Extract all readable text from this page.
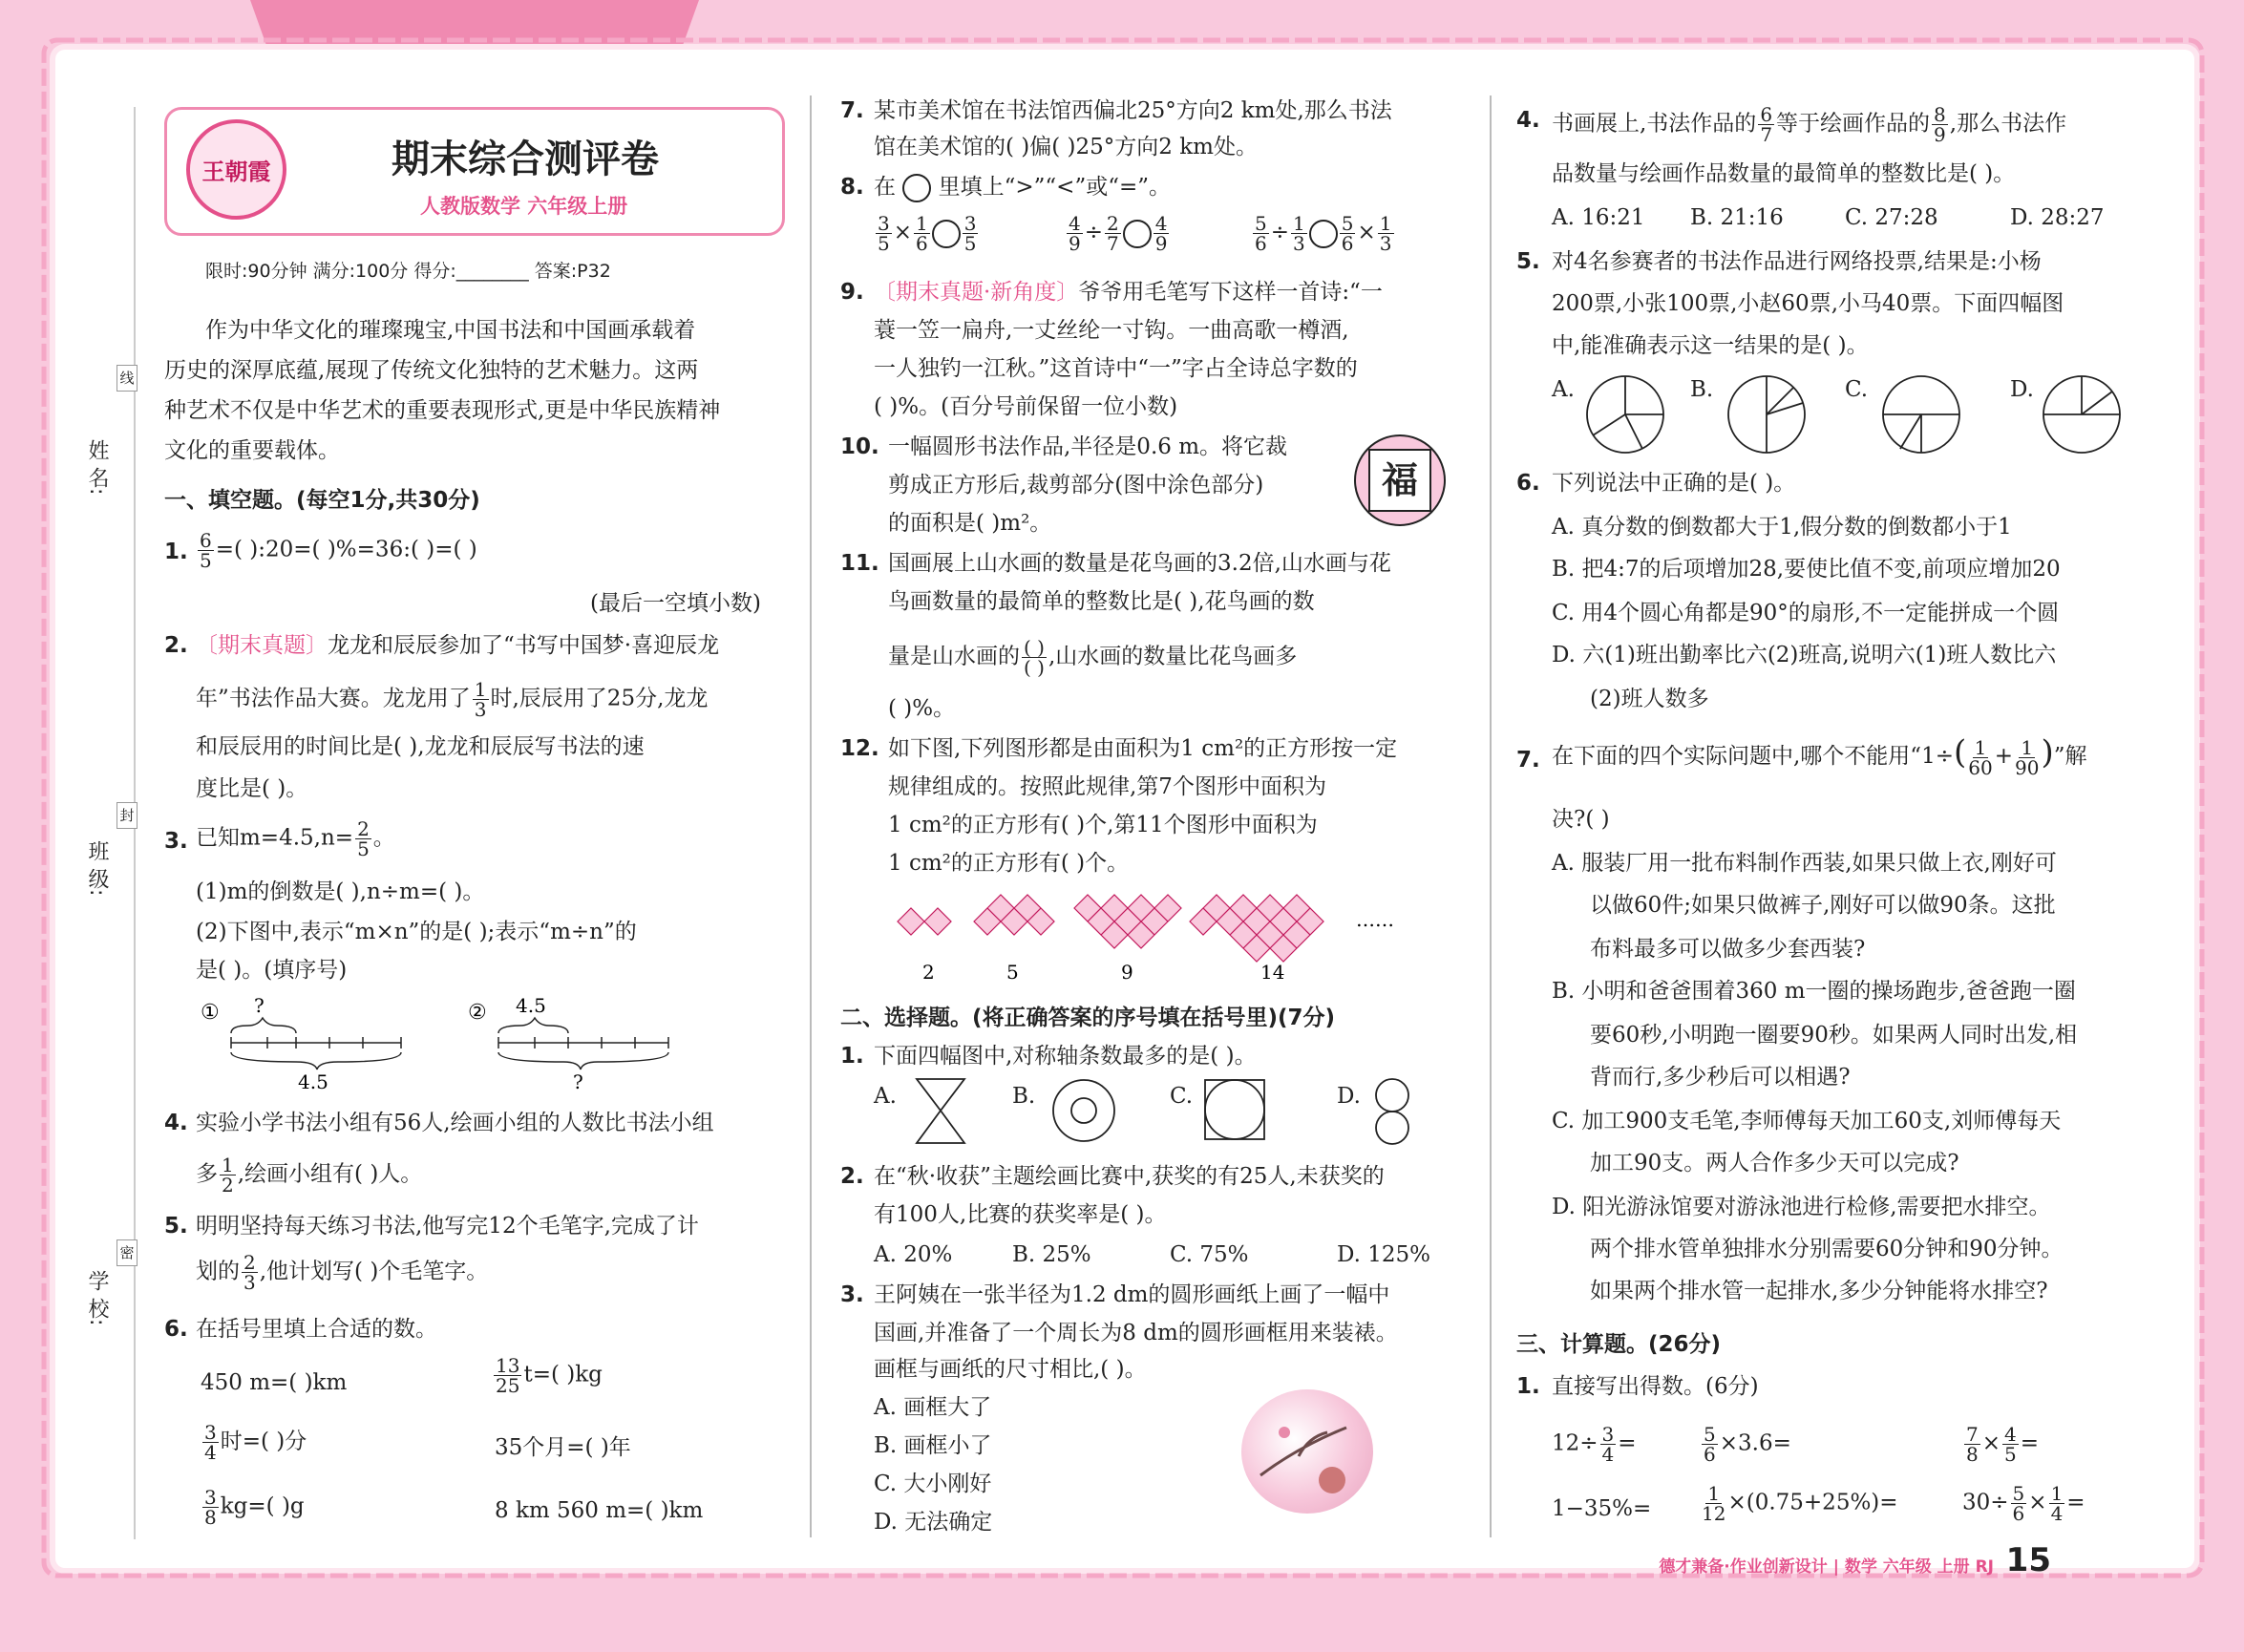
姓 名:
班 级:
学 校:
线
封
密
王朝霞	期末综合测评卷
人教版数学 六年级上册
限时:90分钟 满分:100分 得分:________ 答案:P32
作为中华文化的璀璨瑰宝,中国书法和中国画承载着
历史的深厚底蕴,展现了传统文化独特的艺术魅力。这两
种艺术不仅是中华艺术的重要表现形式,更是中华民族精神
文化的重要载体。
一、填空题。(每空1分,共30分)
1. $\frac{6}{5}$ =( ):20=( )%=36:( )=( )
(最后一空填小数)
2. 〔期末真题〕龙龙和辰辰参加了“书写中国梦·喜迎辰龙
年”书法作品大赛。龙龙用了 $\frac{1}{3}$ 时,辰辰用了25分,龙龙
和辰辰用的时间比是( ),龙龙和辰辰写书法的速
度比是( )。
3. 已知$m=4.5,n= \frac{2}{5}$ 。
(1)m的倒数是( ),n÷m=( )。
(2)下图中,表示“m×n”的是( );表示“m÷n”的
是( )。(填序号)
① ?
4.5
② 4.5
?
4. 实验小学书法小组有56人,绘画小组的人数比书法小组
多 $\frac{1}{2}$ ,绘画小组有( )人。
5. 明明坚持每天练习书法,他写完12个毛笔字,完成了计
划的 $\frac{2}{3}$ ,他计划写( )个毛笔字。
6. 在括号里填上合适的数。
450 m=( )km	$\frac{13}{25} t=$( )kg
$\frac{3}{4}$ 时=( )分	35个月=( )年
$\frac{3}{8} kg=$( )g	8 km 560 m=( )km
7. 某市美术馆在书法馆西偏北25°方向2 km处,那么书法
馆在美术馆的( )偏( )25°方向2 km处。
8. 在 里填上“>”“<”或“=”。
$\frac{3}{5} \times \frac{1}{6} \frac{3}{5}$	$\frac{4}{9} \div \frac{2}{7} \frac{4}{9}$	$\frac{5}{6} \div \frac{1}{3} \frac{5}{6} \times \frac{1}{3}$
9. 〔期末真题·新角度〕爷爷用毛笔写下这样一首诗:“一
蓑一笠一扁舟,一丈丝纶一寸钩。一曲高歌一樽酒,
一人独钓一江秋。”这首诗中“一”字占全诗总字数的
( )%。(百分号前保留一位小数)
10. 一幅圆形书法作品,半径是0.6 m。将它裁
剪成正方形后,裁剪部分(图中涂色部分)
的面积是( )m²。
福
11. 国画展上山水画的数量是花鸟画的3.2倍,山水画与花
鸟画数量的最简单的整数比是( ),花鸟画的数
量是山水画的 $\frac{( )}{( )}$ ,山水画的数量比花鸟画多
( )%。
12. 如下图,下列图形都是由面积为1 cm²的正方形按一定
规律组成的。按照此规律,第7个图形中面积为
1 cm²的正方形有( )个,第11个图形中面积为
1 cm²的正方形有( )个。
2	5	9	14
……
二、选择题。(将正确答案的序号填在括号里)(7分)
1. 下面四幅图中,对称轴条数最多的是( )。
A.	B.	C.	D.
2. 在“秋·收获”主题绘画比赛中,获奖的有25人,未获奖的
有100人,比赛的获奖率是( )。
A. 20%	B. 25%	C. 75%	D. 125%
3. 王阿姨在一张半径为1.2 dm的圆形画纸上画了一幅中
国画,并准备了一个周长为8 dm的圆形画框用来装裱。
画框与画纸的尺寸相比,( )。
A. 画框大了
B. 画框小了
C. 大小刚好
D. 无法确定
4. 书画展上,书法作品的 $\frac{6}{7}$ 等于绘画作品的 $\frac{8}{9}$ ,那么书法作
品数量与绘画作品数量的最简单的整数比是( )。
A. 16:21 B. 21:16	C. 27:28	D. 28:27
5. 对4名参赛者的书法作品进行网络投票,结果是:小杨
200票,小张100票,小赵60票,小马40票。下面四幅图
中,能准确表示这一结果的是( )。
A.	B.	C.	D.
6. 下列说法中正确的是( )。
A. 真分数的倒数都大于1,假分数的倒数都小于1
B. 把4:7的后项增加28,要使比值不变,前项应增加20
C. 用4个圆心角都是90°的扇形,不一定能拼成一个圆
D. 六(1)班出勤率比六(2)班高,说明六(1)班人数比六
(2)班人数多
7. 在下面的四个实际问题中,哪个不能用“$1\div( \frac{1}{60} + \frac{1}{90}$ )”解
决?( )
A. 服装厂用一批布料制作西装,如果只做上衣,刚好可
以做60件;如果只做裤子,刚好可以做90条。这批
布料最多可以做多少套西装?
B. 小明和爸爸围着360 m一圈的操场跑步,爸爸跑一圈
要60秒,小明跑一圈要90秒。如果两人同时出发,相
背而行,多少秒后可以相遇?
C. 加工900支毛笔,李师傅每天加工60支,刘师傅每天
加工90支。两人合作多少天可以完成?
D. 阳光游泳馆要对游泳池进行检修,需要把水排空。
两个排水管单独排水分别需要60分钟和90分钟。
如果两个排水管一起排水,多少分钟能将水排空?
三、计算题。(26分)
1. 直接写出得数。(6分)
$12\div \frac{3}{4}$ =	$\frac{5}{6} \times 3.6=$	$\frac{7}{8} \times \frac{4}{5}$ =
1−35%=	$\frac{1}{12} \times(0.75+25\%)=$	$30\div \frac{5}{6} \times \frac{1}{4}$ =
德才兼备·作业创新设计 | 数学 六年级 上册 RJ 15
